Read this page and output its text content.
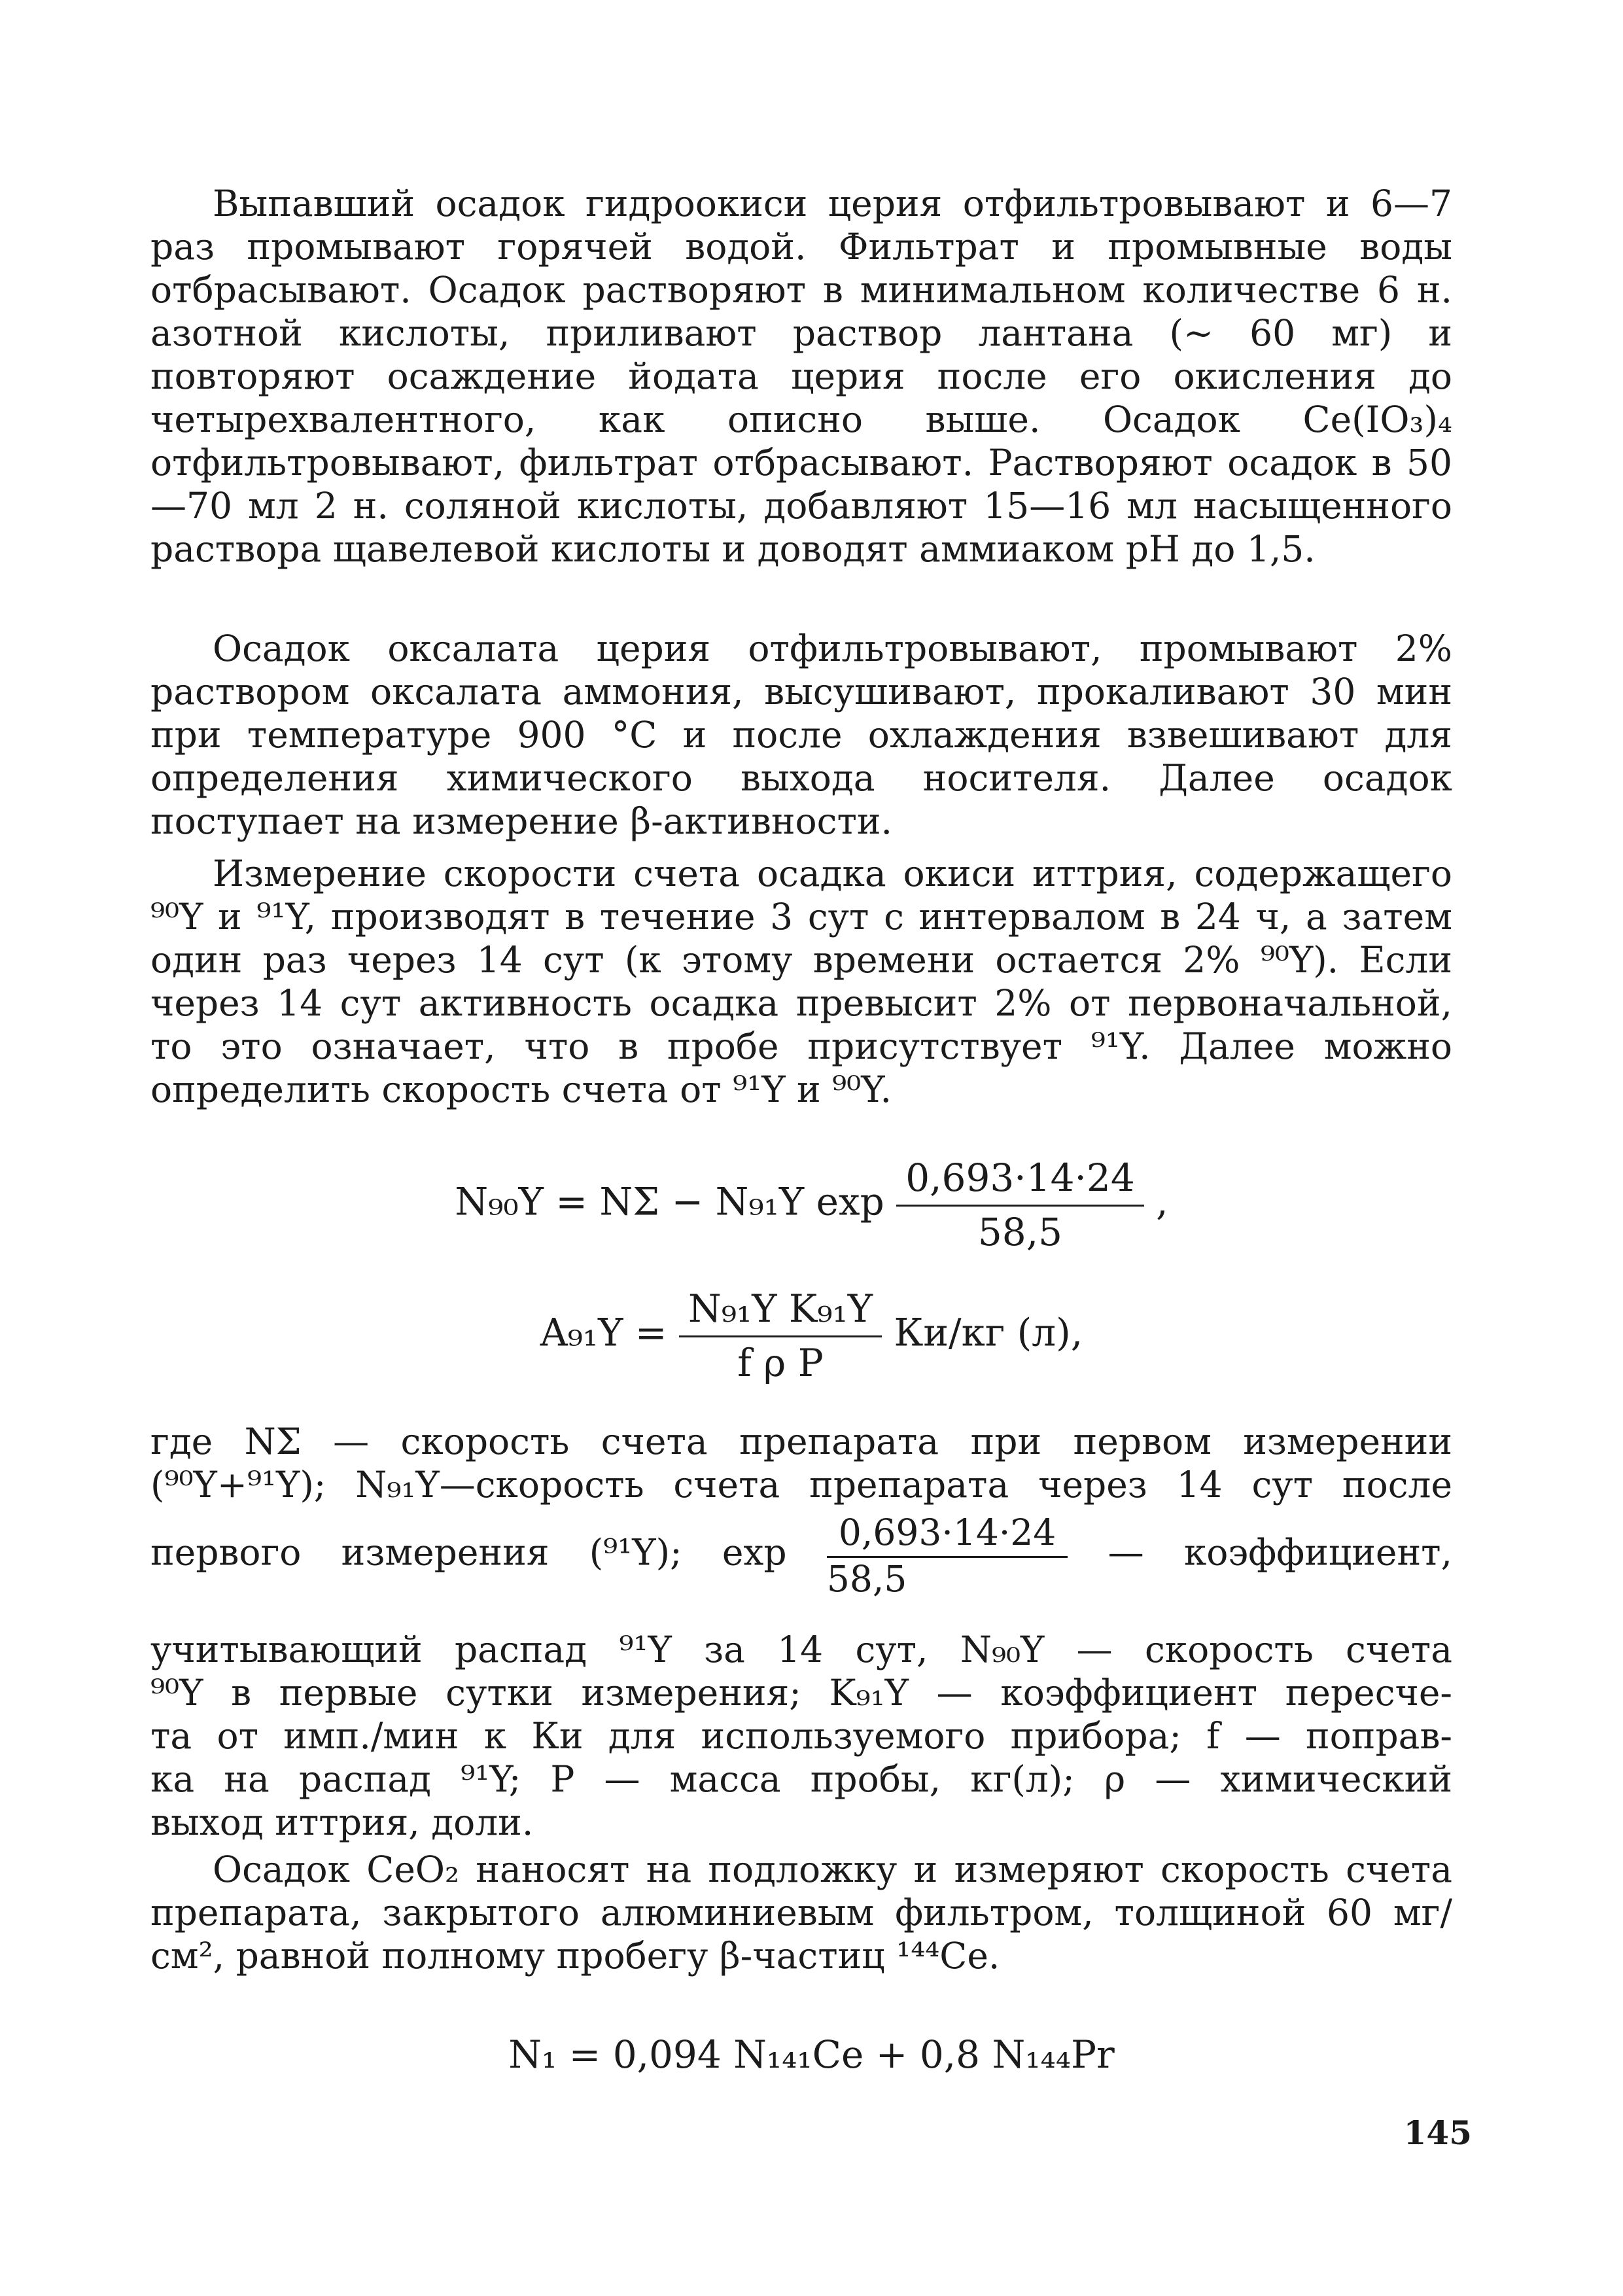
Выпавший осадок гидроокиси церия отфильтровывают и 6—7 раз промывают горячей водой. Фильтрат и промывные воды отбрасывают. Осадок растворяют в минимальном количестве 6 н. азотной кислоты, приливают раствор лантана (~ 60 мг) и повторяют осаждение йодата церия после его окисления до четырехвалентного, как описно выше. Осадок Ce(IO₃)₄ отфильтровывают, фильтрат отбрасывают. Растворяют осадок в 50—70 мл 2 н. соляной кислоты, добавляют 15—16 мл насыщенного раствора щавелевой кислоты и доводят аммиаком pH до 1,5.

Осадок оксалата церия отфильтровывают, промывают 2% раствором оксалата аммония, высушивают, прокаливают 30 мин при температуре 900 °С и после охлаждения взвешивают для определения химического выхода носителя. Далее осадок поступает на измерение β-активности.

Измерение скорости счета осадка окиси иттрия, содержащего ⁹⁰Y и ⁹¹Y, производят в течение 3 сут с интервалом в 24 ч, а затем один раз через 14 сут (к этому времени остается 2% ⁹⁰Y). Если через 14 сут активность осадка превысит 2% от первоначальной, то это означает, что в пробе присутствует ⁹¹Y. Далее можно определить скорость счета от ⁹¹Y и ⁹⁰Y.

N₉₀Y = NΣ − N₉₁Y $\exp \frac{0,693\cdot 14\cdot 24}{58,5}$ ,
$A_{91}Y = \frac{\text{N₉₁Y K₉₁Y}}{\text{f ρ P}} Ки/кг$ (л),
где NΣ — скорость счета препарата при первом измерении
(⁹⁰Y+⁹¹Y); N₉₁Y—скорость счета препарата через 14 сут после
первого измерения (⁹¹Y); $\exp \frac{0,693\cdot 14\cdot 24}{58,5}$ — коэффициент,
учитывающий распад ⁹¹Y за 14 сут, N₉₀Y — скорость счета
⁹⁰Y в первые сутки измерения; K₉₁Y — коэффициент пересче-
та от имп./мин к Ки для используемого прибора; f — поправ-
ка на распад ⁹¹Y; P — масса пробы, кг(л); ρ — химический
выход иттрия, доли.

Осадок CeO₂ наносят на подложку и измеряют скорость счета препарата, закрытого алюминиевым фильтром, толщиной 60 мг/см², равной полному пробегу β-частиц ¹⁴⁴Ce.

N₁ = 0,094 N₁₄₁Ce + 0,8 N₁₄₄Pr
145
